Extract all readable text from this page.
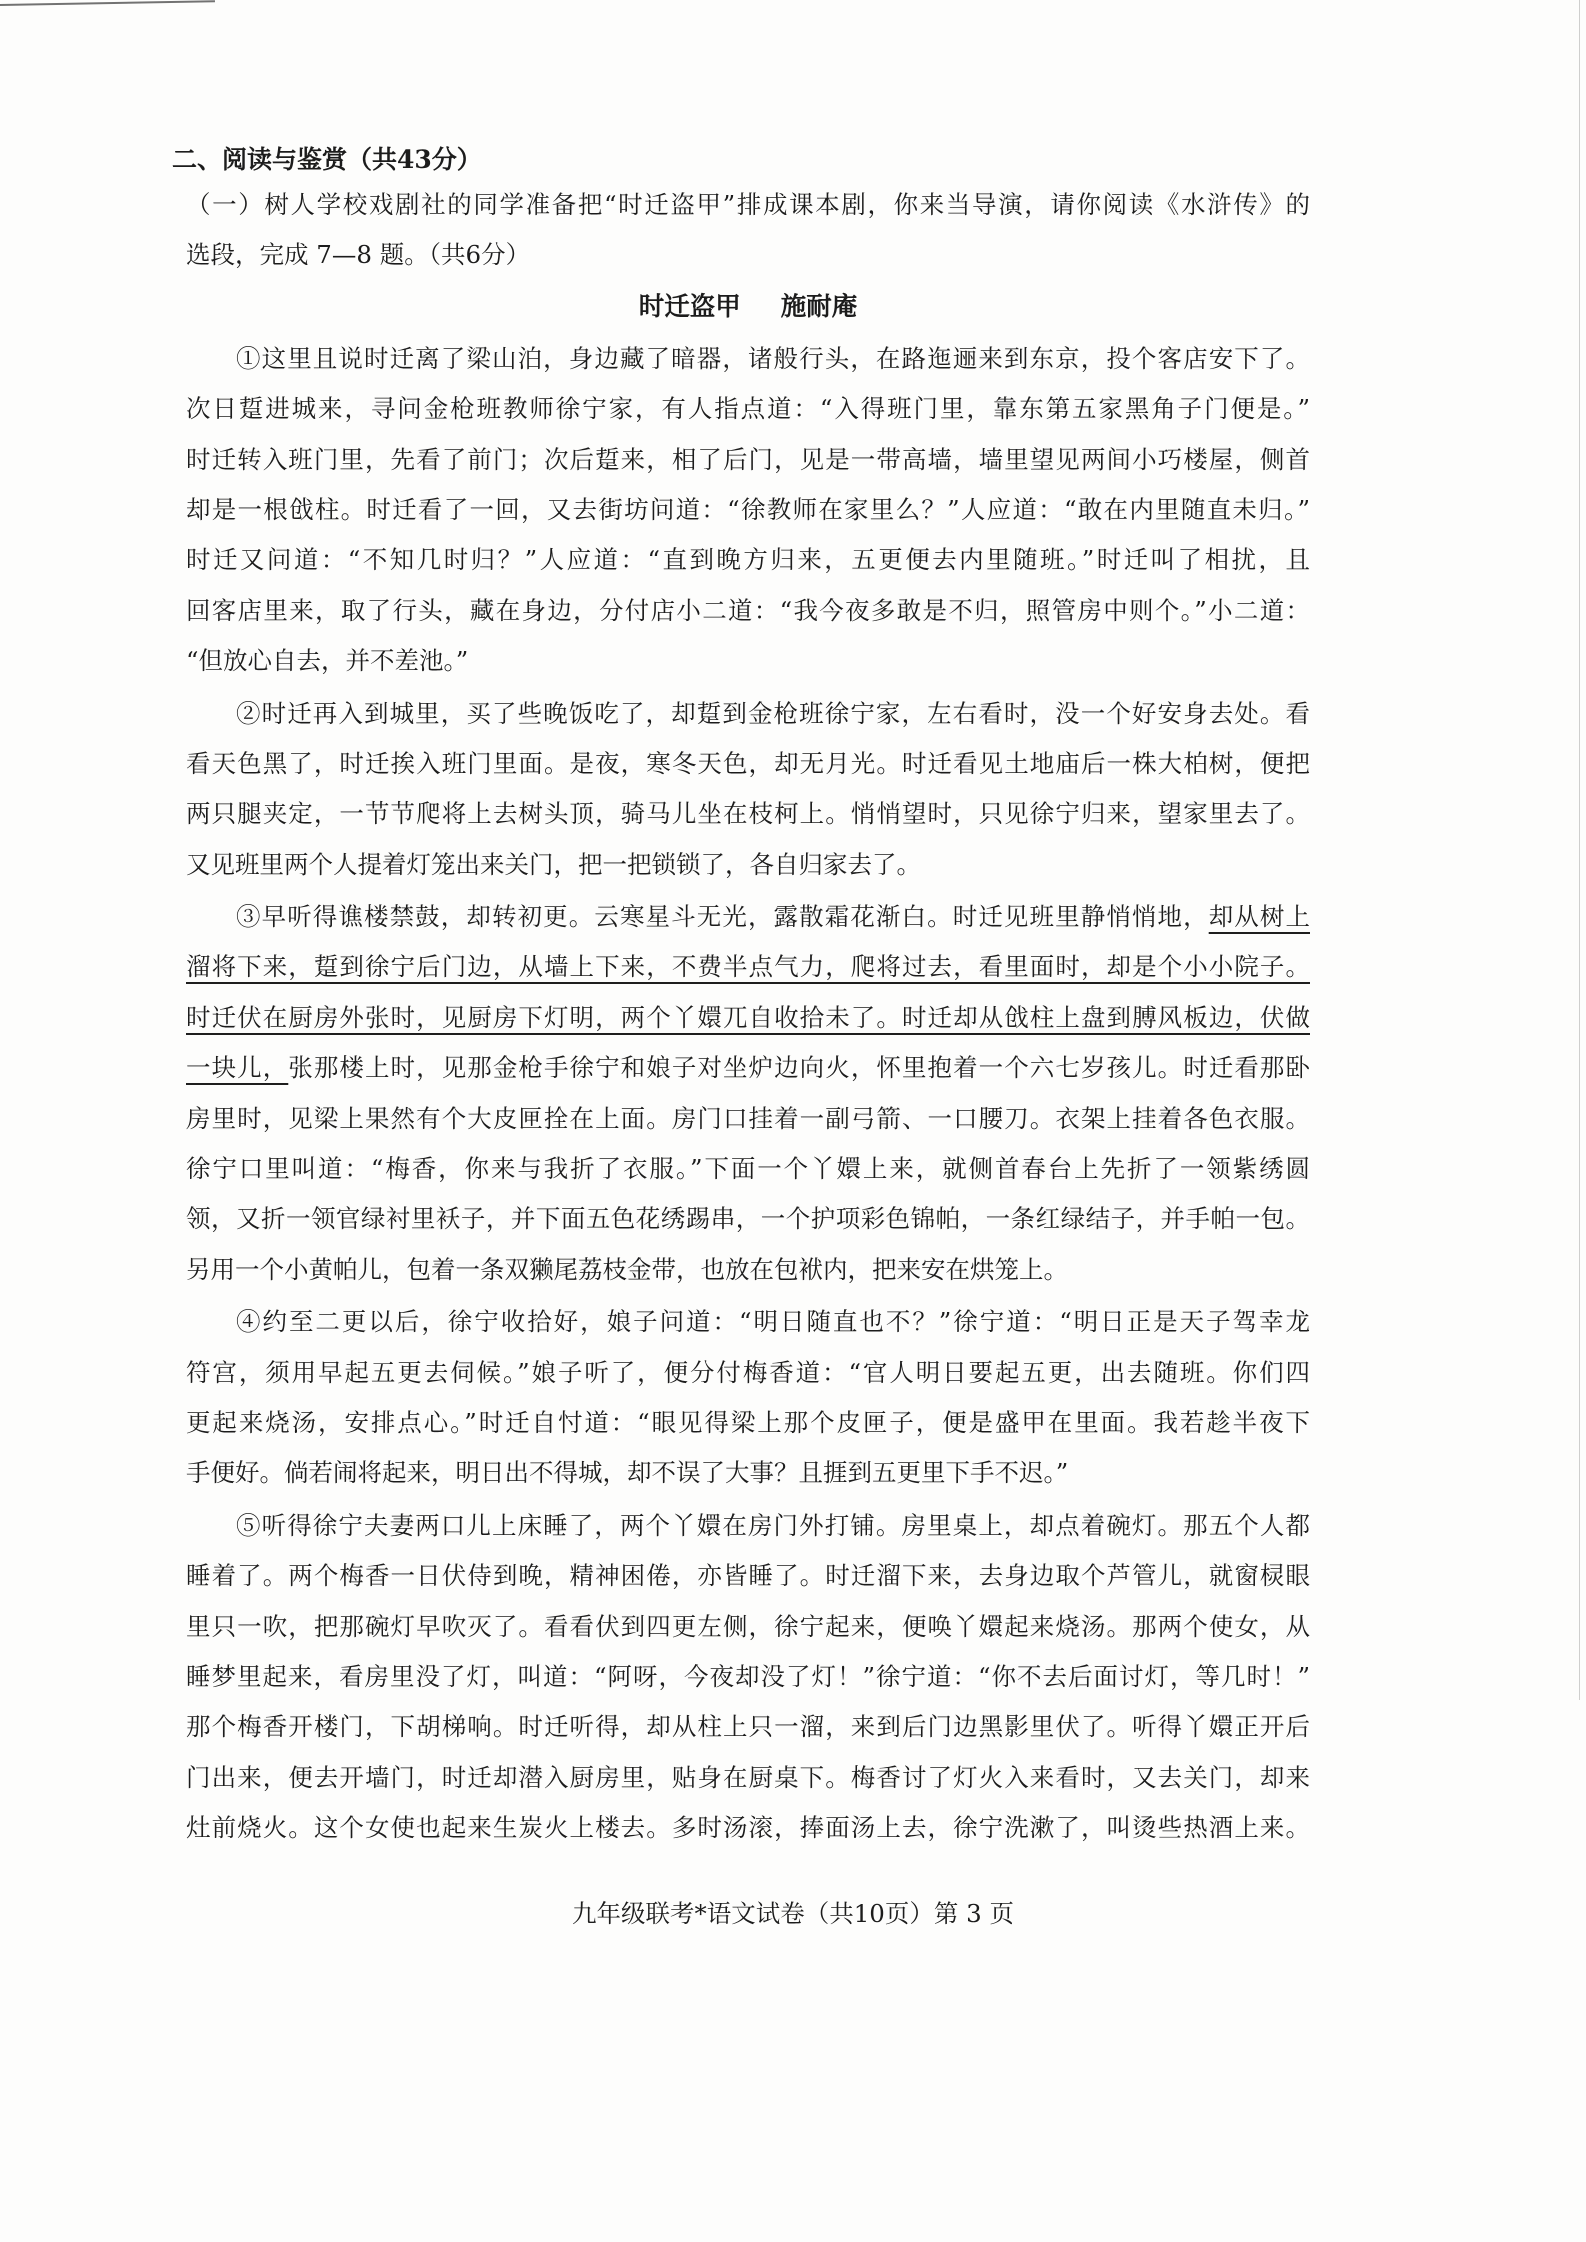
二、阅读与鉴赏（共43分）
（一）树人学校戏剧社的同学准备把“时迁盗甲”排成课本剧，你来当导演，请你阅读《水浒传》的
选段，完成 7—8 题。（共6分）
时迁盗甲 施耐庵
①这里且说时迁离了梁山泊，身边藏了暗器，诸般行头，在路迤逦来到东京，投个客店安下了。
次日踅进城来，寻问金枪班教师徐宁家，有人指点道：“入得班门里，靠东第五家黑角子门便是。”
时迁转入班门里，先看了前门；次后踅来，相了后门，见是一带高墙，墙里望见两间小巧楼屋，侧首
却是一根戗柱。时迁看了一回，又去街坊问道：“徐教师在家里么？”人应道：“敢在内里随直未归。”
时迁又问道：“不知几时归？”人应道：“直到晚方归来，五更便去内里随班。”时迁叫了相扰，且
回客店里来，取了行头，藏在身边，分付店小二道：“我今夜多敢是不归，照管房中则个。”小二道：
“但放心自去，并不差池。”
②时迁再入到城里，买了些晚饭吃了，却踅到金枪班徐宁家，左右看时，没一个好安身去处。看
看天色黑了，时迁挨入班门里面。是夜，寒冬天色，却无月光。时迁看见土地庙后一株大柏树，便把
两只腿夹定，一节节爬将上去树头顶，骑马儿坐在枝柯上。悄悄望时，只见徐宁归来，望家里去了。
又见班里两个人提着灯笼出来关门，把一把锁锁了，各自归家去了。
③早听得谯楼禁鼓，却转初更。云寒星斗无光，露散霜花渐白。时迁见班里静悄悄地，却从树上
溜将下来，踅到徐宁后门边，从墙上下来，不费半点气力，爬将过去，看里面时，却是个小小院子。
时迁伏在厨房外张时，见厨房下灯明，两个丫嬛兀自收拾未了。时迁却从戗柱上盘到膊风板边，伏做
一块儿，张那楼上时，见那金枪手徐宁和娘子对坐炉边向火，怀里抱着一个六七岁孩儿。时迁看那卧
房里时，见梁上果然有个大皮匣拴在上面。房门口挂着一副弓箭、一口腰刀。衣架上挂着各色衣服。
徐宁口里叫道：“梅香，你来与我折了衣服。”下面一个丫嬛上来，就侧首春台上先折了一领紫绣圆
领，又折一领官绿衬里袄子，并下面五色花绣踢串，一个护项彩色锦帕，一条红绿结子，并手帕一包。
另用一个小黄帕儿，包着一条双獭尾荔枝金带，也放在包袱内，把来安在烘笼上。
④约至二更以后，徐宁收拾好，娘子问道：“明日随直也不？”徐宁道：“明日正是天子驾幸龙
符宫，须用早起五更去伺候。”娘子听了，便分付梅香道：“官人明日要起五更，出去随班。你们四
更起来烧汤，安排点心。”时迁自忖道：“眼见得梁上那个皮匣子，便是盛甲在里面。我若趁半夜下
手便好。倘若闹将起来，明日出不得城，却不误了大事？且捱到五更里下手不迟。”
⑤听得徐宁夫妻两口儿上床睡了，两个丫嬛在房门外打铺。房里桌上，却点着碗灯。那五个人都
睡着了。两个梅香一日伏侍到晚，精神困倦，亦皆睡了。时迁溜下来，去身边取个芦管儿，就窗棂眼
里只一吹，把那碗灯早吹灭了。看看伏到四更左侧，徐宁起来，便唤丫嬛起来烧汤。那两个使女，从
睡梦里起来，看房里没了灯，叫道：“阿呀，今夜却没了灯！”徐宁道：“你不去后面讨灯，等几时！”
那个梅香开楼门，下胡梯响。时迁听得，却从柱上只一溜，来到后门边黑影里伏了。听得丫嬛正开后
门出来，便去开墙门，时迁却潜入厨房里，贴身在厨桌下。梅香讨了灯火入来看时，又去关门，却来
灶前烧火。这个女使也起来生炭火上楼去。多时汤滚，捧面汤上去，徐宁洗漱了，叫烫些热酒上来。
九年级联考*语文试卷（共10页）第 3 页
